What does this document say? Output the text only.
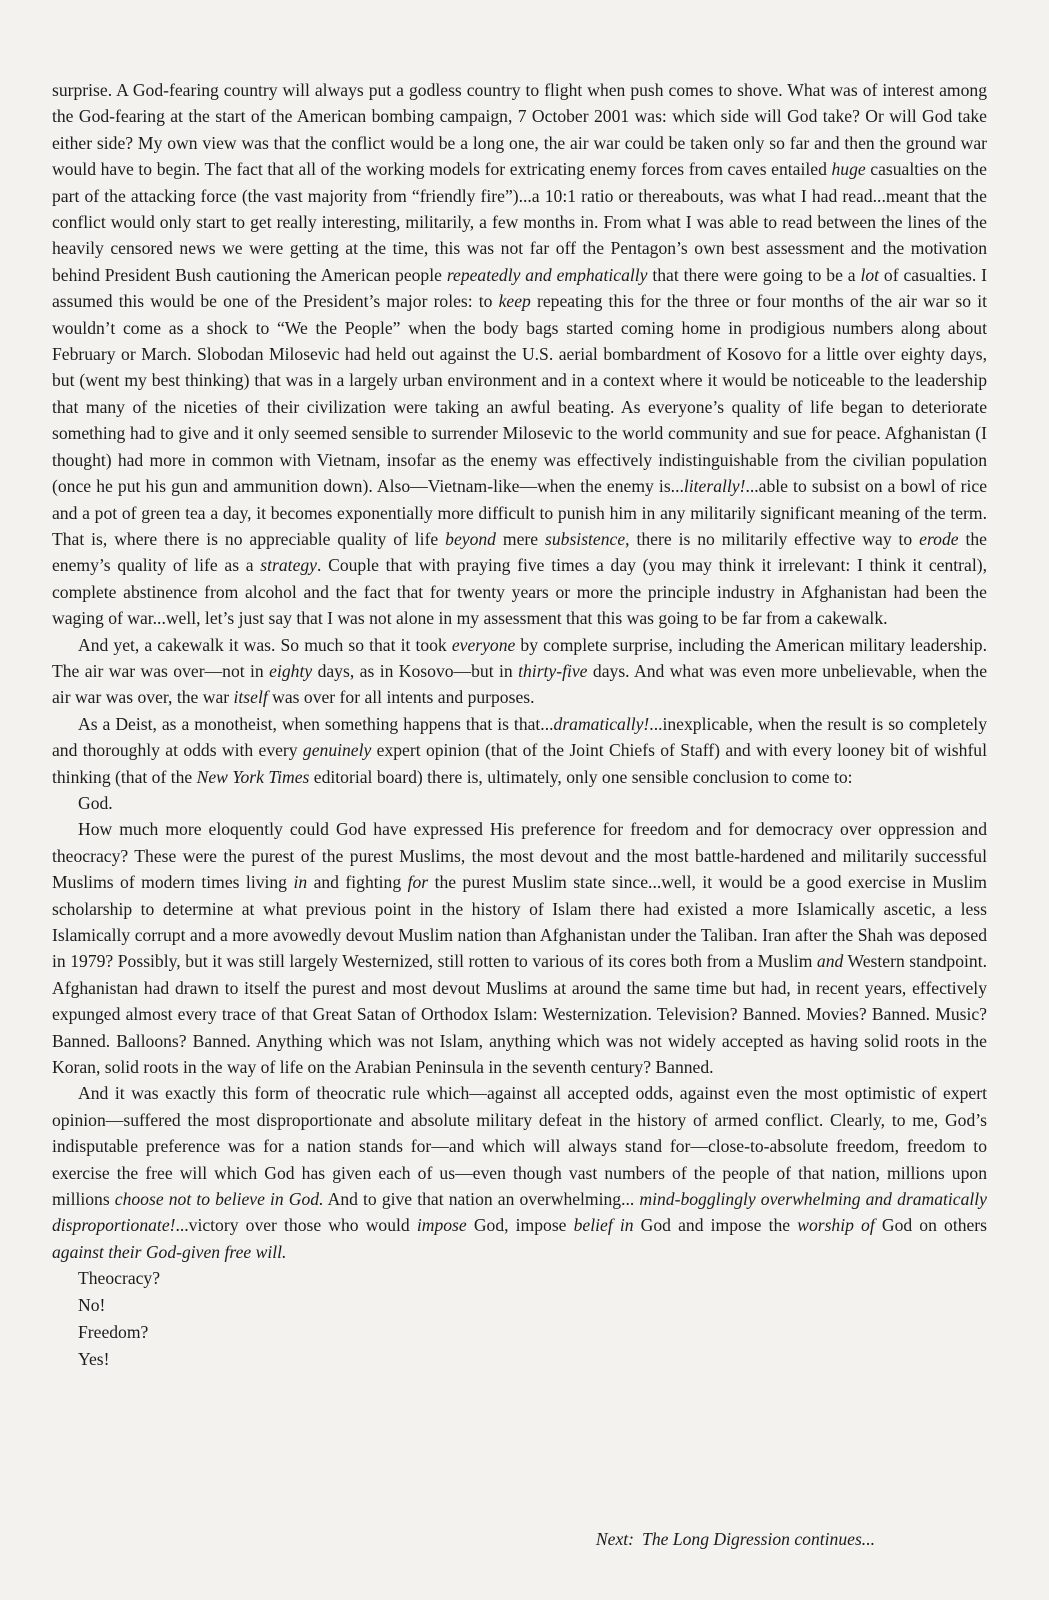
surprise. A God-fearing country will always put a godless country to flight when push comes to shove. What was of interest among the God-fearing at the start of the American bombing campaign, 7 October 2001 was: which side will God take? Or will God take either side? My own view was that the conflict would be a long one, the air war could be taken only so far and then the ground war would have to begin. The fact that all of the working models for extricating enemy forces from caves entailed huge casualties on the part of the attacking force (the vast majority from “friendly fire”)...a 10:1 ratio or thereabouts, was what I had read...meant that the conflict would only start to get really interesting, militarily, a few months in. From what I was able to read between the lines of the heavily censored news we were getting at the time, this was not far off the Pentagon’s own best assessment and the motivation behind President Bush cautioning the American people repeatedly and emphatically that there were going to be a lot of casualties. I assumed this would be one of the President’s major roles: to keep repeating this for the three or four months of the air war so it wouldn’t come as a shock to “We the People” when the body bags started coming home in prodigious numbers along about February or March. Slobodan Milosevic had held out against the U.S. aerial bombardment of Kosovo for a little over eighty days, but (went my best thinking) that was in a largely urban environment and in a context where it would be noticeable to the leadership that many of the niceties of their civilization were taking an awful beating. As everyone’s quality of life began to deteriorate something had to give and it only seemed sensible to surrender Milosevic to the world community and sue for peace. Afghanistan (I thought) had more in common with Vietnam, insofar as the enemy was effectively indistinguishable from the civilian population (once he put his gun and ammunition down). Also—Vietnam-like—when the enemy is...literally!...able to subsist on a bowl of rice and a pot of green tea a day, it becomes exponentially more difficult to punish him in any militarily significant meaning of the term. That is, where there is no appreciable quality of life beyond mere subsistence, there is no militarily effective way to erode the enemy’s quality of life as a strategy. Couple that with praying five times a day (you may think it irrelevant: I think it central), complete abstinence from alcohol and the fact that for twenty years or more the principle industry in Afghanistan had been the waging of war...well, let’s just say that I was not alone in my assessment that this was going to be far from a cakewalk.

And yet, a cakewalk it was. So much so that it took everyone by complete surprise, including the American military leadership. The air war was over—not in eighty days, as in Kosovo—but in thirty-five days. And what was even more unbelievable, when the air war was over, the war itself was over for all intents and purposes.

As a Deist, as a monotheist, when something happens that is that...dramatically!...inexplicable, when the result is so completely and thoroughly at odds with every genuinely expert opinion (that of the Joint Chiefs of Staff) and with every looney bit of wishful thinking (that of the New York Times editorial board) there is, ultimately, only one sensible conclusion to come to:

God.

How much more eloquently could God have expressed His preference for freedom and for democracy over oppression and theocracy? These were the purest of the purest Muslims, the most devout and the most battle-hardened and militarily successful Muslims of modern times living in and fighting for the purest Muslim state since...well, it would be a good exercise in Muslim scholarship to determine at what previous point in the history of Islam there had existed a more Islamically ascetic, a less Islamically corrupt and a more avowedly devout Muslim nation than Afghanistan under the Taliban. Iran after the Shah was deposed in 1979? Possibly, but it was still largely Westernized, still rotten to various of its cores both from a Muslim and Western standpoint. Afghanistan had drawn to itself the purest and most devout Muslims at around the same time but had, in recent years, effectively expunged almost every trace of that Great Satan of Orthodox Islam: Westernization. Television? Banned. Movies? Banned. Music? Banned. Balloons? Banned. Anything which was not Islam, anything which was not widely accepted as having solid roots in the Koran, solid roots in the way of life on the Arabian Peninsula in the seventh century? Banned.

And it was exactly this form of theocratic rule which—against all accepted odds, against even the most optimistic of expert opinion—suffered the most disproportionate and absolute military defeat in the history of armed conflict. Clearly, to me, God’s indisputable preference was for a nation stands for—and which will always stand for—close-to-absolute freedom, freedom to exercise the free will which God has given each of us—even though vast numbers of the people of that nation, millions upon millions choose not to believe in God. And to give that nation an overwhelming... mind-bogglingly overwhelming and dramatically disproportionate!...victory over those who would impose God, impose belief in God and impose the worship of God on others against their God-given free will.

Theocracy?

No!

Freedom?

Yes!

Next: The Long Digression continues...
